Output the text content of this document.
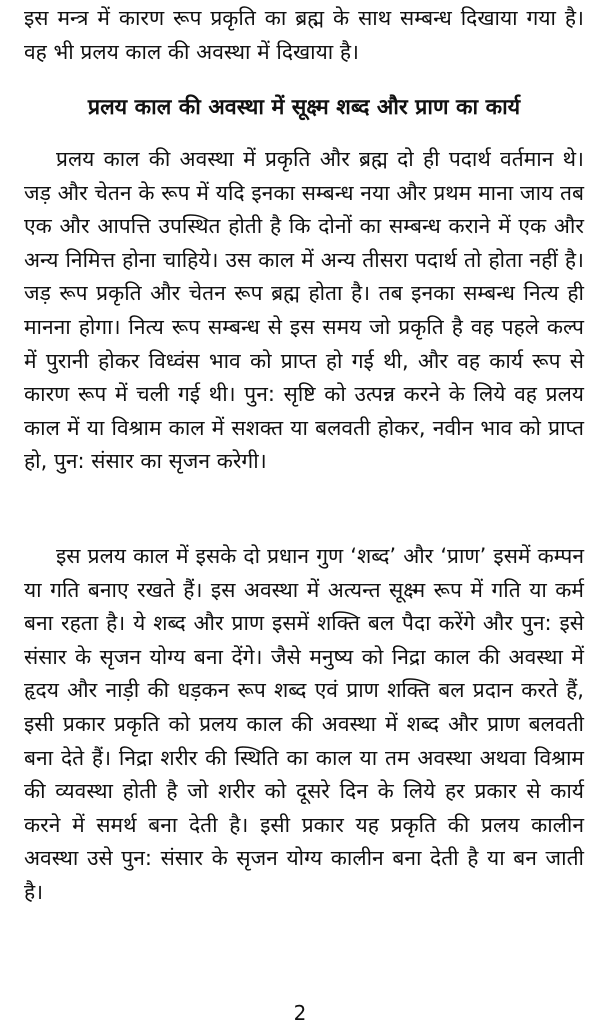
इस मन्त्र में कारण रूप प्रकृति का ब्रह्म के साथ सम्बन्ध दिखाया गया है। वह भी प्रलय काल की अवस्था में दिखाया है।

प्रलय काल की अवस्था में सूक्ष्म शब्द और प्राण का कार्य

प्रलय काल की अवस्था में प्रकृति और ब्रह्म दो ही पदार्थ वर्तमान थे। जड़ और चेतन के रूप में यदि इनका सम्बन्ध नया और प्रथम माना जाय तब एक और आपत्ति उपस्थित होती है कि दोनों का सम्बन्ध कराने में एक और अन्य निमित्त होना चाहिये। उस काल में अन्य तीसरा पदार्थ तो होता नहीं है। जड़ रूप प्रकृति और चेतन रूप ब्रह्म होता है। तब इनका सम्बन्ध नित्य ही मानना होगा। नित्य रूप सम्बन्ध से इस समय जो प्रकृति है वह पहले कल्प में पुरानी होकर विध्वंस भाव को प्राप्त हो गई थी, और वह कार्य रूप से कारण रूप में चली गई थी। पुन: सृष्टि को उत्पन्न करने के लिये वह प्रलय काल में या विश्राम काल में सशक्त या बलवती होकर, नवीन भाव को प्राप्त हो, पुन: संसार का सृजन करेगी।

इस प्रलय काल में इसके दो प्रधान गुण ‘शब्द’ और ‘प्राण’ इसमें कम्पन या गति बनाए रखते हैं। इस अवस्था में अत्यन्त सूक्ष्म रूप में गति या कर्म बना रहता है। ये शब्द और प्राण इसमें शक्ति बल पैदा करेंगे और पुन: इसे संसार के सृजन योग्य बना देंगे। जैसे मनुष्य को निद्रा काल की अवस्था में हृदय और नाड़ी की धड़कन रूप शब्द एवं प्राण शक्ति बल प्रदान करते हैं, इसी प्रकार प्रकृति को प्रलय काल की अवस्था में शब्द और प्राण बलवती बना देते हैं। निद्रा शरीर की स्थिति का काल या तम अवस्था अथवा विश्राम की व्यवस्था होती है जो शरीर को दूसरे दिन के लिये हर प्रकार से कार्य करने में समर्थ बना देती है। इसी प्रकार यह प्रकृति की प्रलय कालीन अवस्था उसे पुन: संसार के सृजन योग्य कालीन बना देती है या बन जाती है।

2
